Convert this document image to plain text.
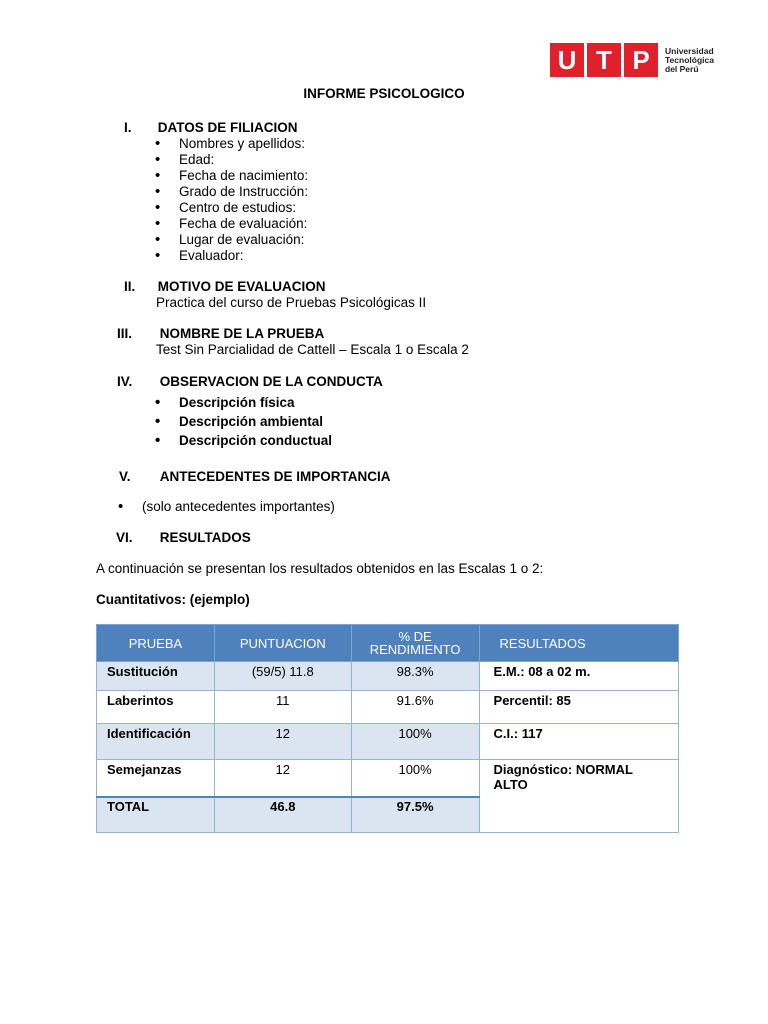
U T P	Universidad
Tecnológica
del Perú
INFORME PSICOLOGICO
I. DATOS DE FILIACION
• Nombres y apellidos:
• Edad:
• Fecha de nacimiento:
• Grado de Instrucción:
• Centro de estudios:
• Fecha de evaluación:
• Lugar de evaluación:
• Evaluador:
II. MOTIVO DE EVALUACION
Practica del curso de Pruebas Psicológicas II
III. NOMBRE DE LA PRUEBA
Test Sin Parcialidad de Cattell – Escala 1 o Escala 2
IV. OBSERVACION DE LA CONDUCTA
• Descripción física
• Descripción ambiental
• Descripción conductual
V. ANTECEDENTES DE IMPORTANCIA
• (solo antecedentes importantes)
VI. RESULTADOS
A continuación se presentan los resultados obtenidos en las Escalas 1 o 2:
Cuantitativos: (ejemplo)
PRUEBA	PUNTUACION	% DE RENDIMIENTO	RESULTADOS
Sustitución	(59/5) 11.8	98.3%	E.M.: 08 a 02 m.
Laberintos	11	91.6%	Percentil: 85
Identificación	12	100%	C.I.: 117
Semejanzas	12	100%	Diagnóstico: NORMAL ALTO
TOTAL	46.8	97.5%	
